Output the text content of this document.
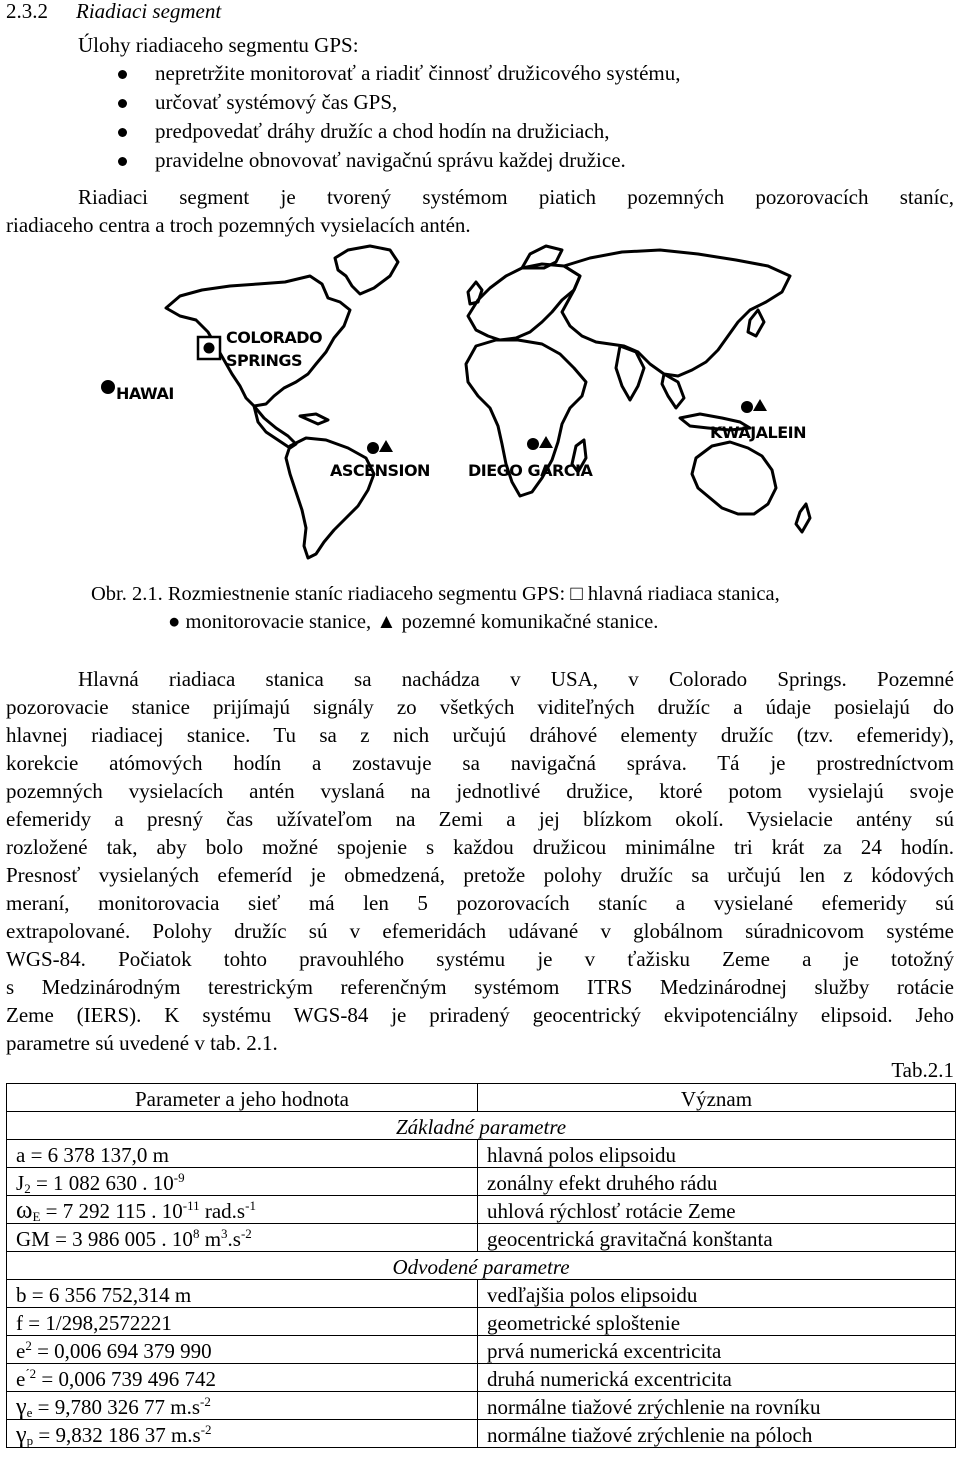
2.3.2 Riadiaci segment
Úlohy riadiaceho segmentu GPS:
nepretržite monitorovať a riadiť činnosť družicového systému,
určovať systémový čas GPS,
predpovedať dráhy družíc a chod hodín na družiciach,
pravidelne obnovovať navigačnú správu každej družice.
Riadiaci segment je tvorený systémom piatich pozemných pozorovacích staníc,
riadiaceho centra a troch pozemných vysielacích antén.
COLORADO
SPRINGS
HAWAI
ASCENSION DIEGO GARCIA
KWAJALEIN
Obr. 2.1. Rozmiestnenie staníc riadiaceho segmentu GPS: □ hlavná riadiaca stanica,
● monitorovacie stanice, ▲ pozemné komunikačné stanice.
Hlavná riadiaca stanica sa nachádza v USA, v Colorado Springs. Pozemné
pozorovacie stanice prijímajú signály zo všetkých viditeľných družíc a údaje posielajú do
hlavnej riadiacej stanice. Tu sa z nich určujú dráhové elementy družíc (tzv. efemeridy),
korekcie atómových hodín a zostavuje sa navigačná správa. Tá je prostredníctvom
pozemných vysielacích antén vyslaná na jednotlivé družice, ktoré potom vysielajú svoje
efemeridy a presný čas užívateľom na Zemi a jej blízkom okolí. Vysielacie antény sú
rozložené tak, aby bolo možné spojenie s každou družicou minimálne tri krát za 24 hodín.
Presnosť vysielaných efemeríd je obmedzená, pretože polohy družíc sa určujú len z kódových
meraní, monitorovacia sieť má len 5 pozorovacích staníc a vysielané efemeridy sú
extrapolované. Polohy družíc sú v efemeridách udávané v globálnom súradnicovom systéme
WGS-84. Počiatok tohto pravouhlého systému je v ťažisku Zeme a je totožný
s Medzinárodným terestrickým referenčným systémom ITRS Medzinárodnej služby rotácie
Zeme (IERS). K systému WGS-84 je priradený geocentrický ekvipotenciálny elipsoid. Jeho
parametre sú uvedené v tab. 2.1.
Tab.2.1
Parameter a jeho hodnota	Význam
Základné parametre	
a = 6 378 137,0 m	hlavná polos elipsoidu
$J_2 = 1$ 082 630 . $10^{-9}$	zonálny efekt druhého rádu
$\omega_E = 7$ 292 115 . $10^{-11}$ $rad.s^{-1}$	uhlová rýchlosť rotácie Zeme
GM = 3 986 005 . $10^8$ $m^3.s^{-2}$	geocentrická gravitačná konštanta
Odvodené parametre	
b = 6 356 752,314 m	vedľajšia polos elipsoidu
f = 1/298,2572221	geometrické sploštenie
$e^2 = 0,006$ 694 379 990	prvá numerická excentricita
$e^{´2} = 0,006$ 739 496 742	druhá numerická excentricita
$\gamma_e = 9,780$ 326 77 $m.s^{-2}$	normálne tiažové zrýchlenie na rovníku
$\gamma_p = 9,832$ 186 37 $m.s^{-2}$	normálne tiažové zrýchlenie na póloch
